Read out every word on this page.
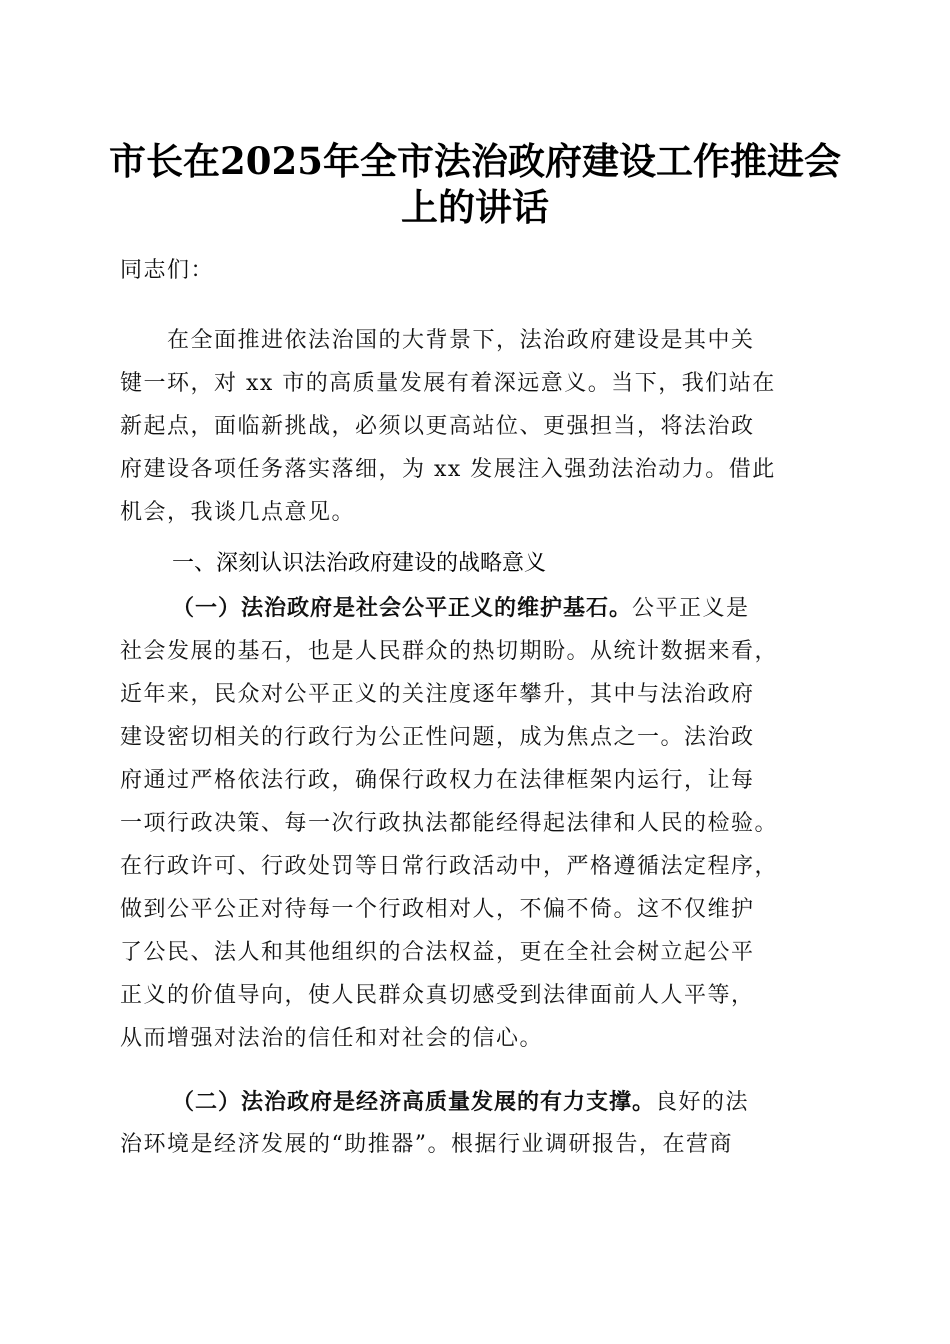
市长在2025年全市法治政府建设工作推进会
上的讲话
同志们：
　　在全面推进依法治国的大背景下，法治政府建设是其中关
键一环，对 xx 市的高质量发展有着深远意义。当下，我们站在
新起点，面临新挑战，必须以更高站位、更强担当，将法治政
府建设各项任务落实落细，为 xx 发展注入强劲法治动力。借此
机会，我谈几点意见。
一、深刻认识法治政府建设的战略意义
（一）法治政府是社会公平正义的维护基石。公平正义是
社会发展的基石，也是人民群众的热切期盼。从统计数据来看，
近年来，民众对公平正义的关注度逐年攀升，其中与法治政府
建设密切相关的行政行为公正性问题，成为焦点之一。法治政
府通过严格依法行政，确保行政权力在法律框架内运行，让每
一项行政决策、每一次行政执法都能经得起法律和人民的检验。
在行政许可、行政处罚等日常行政活动中，严格遵循法定程序，
做到公平公正对待每一个行政相对人，不偏不倚。这不仅维护
了公民、法人和其他组织的合法权益，更在全社会树立起公平
正义的价值导向，使人民群众真切感受到法律面前人人平等，
从而增强对法治的信任和对社会的信心。
（二）法治政府是经济高质量发展的有力支撑。良好的法
治环境是经济发展的“助推器”。根据行业调研报告，在营商
